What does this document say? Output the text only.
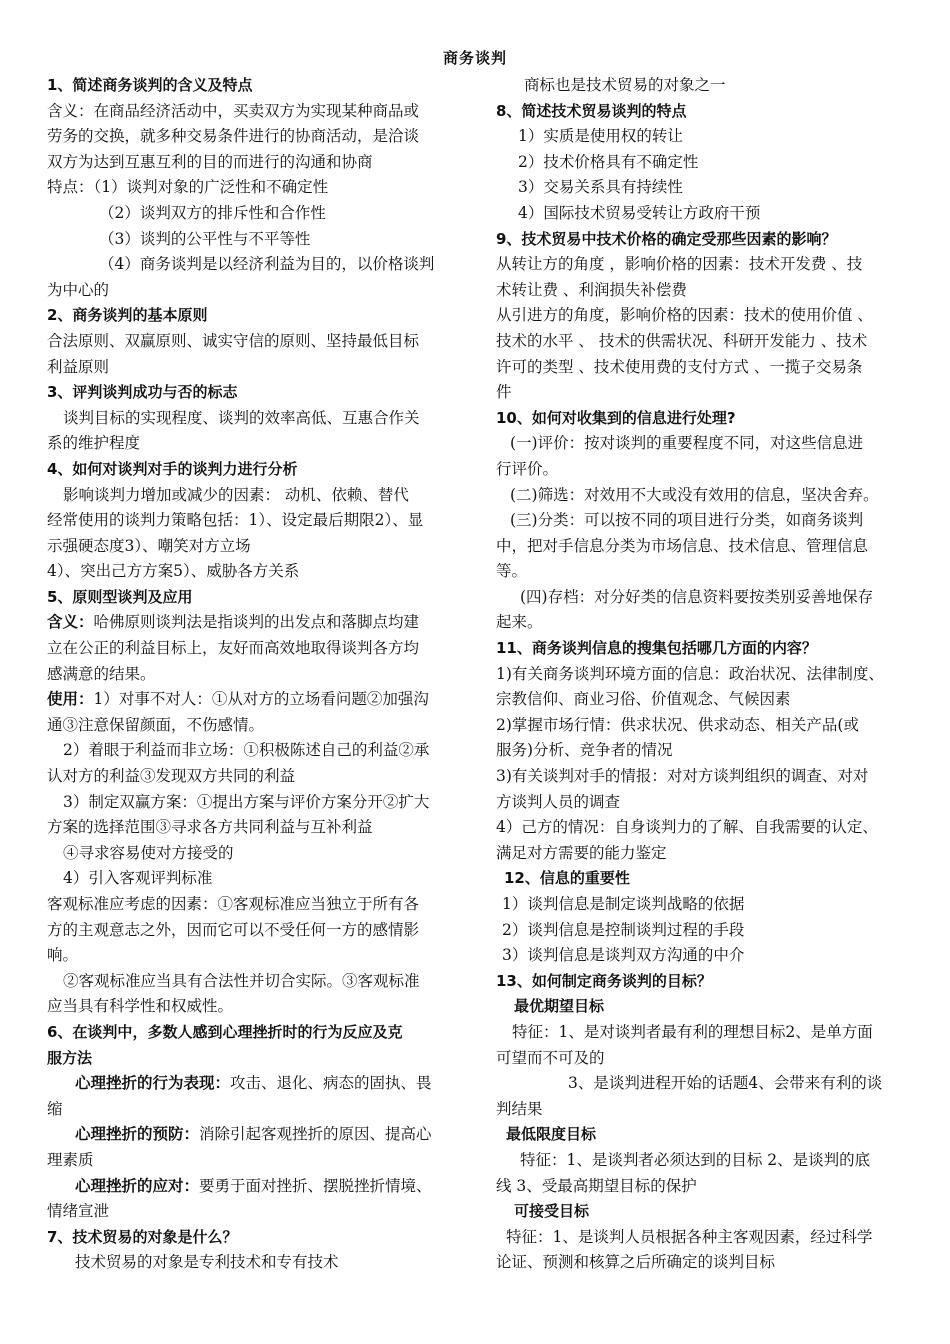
商务谈判
1、简述商务谈判的含义及特点
含义：在商品经济活动中，买卖双方为实现某种商品或
劳务的交换，就多种交易条件进行的协商活动，是洽谈
双方为达到互惠互利的目的而进行的沟通和协商
特点：（1）谈判对象的广泛性和不确定性
（2）谈判双方的排斥性和合作性
（3）谈判的公平性与不平等性
（4）商务谈判是以经济利益为目的，以价格谈判
为中心的
2、商务谈判的基本原则
合法原则、双赢原则、诚实守信的原则、坚持最低目标
利益原则
3、评判谈判成功与否的标志
谈判目标的实现程度、谈判的效率高低、互惠合作关
系的维护程度
4、如何对谈判对手的谈判力进行分析
影响谈判力增加或减少的因素： 动机、依赖、替代
经常使用的谈判力策略包括：1）、设定最后期限2）、显
示强硬态度3）、嘲笑对方立场
4）、突出己方方案5）、威胁各方关系
5、原则型谈判及应用
含义：哈佛原则谈判法是指谈判的出发点和落脚点均建
立在公正的利益目标上，友好而高效地取得谈判各方均
感满意的结果。
使用：1）对事不对人：①从对方的立场看问题②加强沟
通③注意保留颜面，不伤感情。
2）着眼于利益而非立场：①积极陈述自己的利益②承
认对方的利益③发现双方共同的利益
3）制定双赢方案：①提出方案与评价方案分开②扩大
方案的选择范围③寻求各方共同利益与互补利益
④寻求容易使对方接受的
4）引入客观评判标准
客观标准应考虑的因素：①客观标准应当独立于所有各
方的主观意志之外，因而它可以不受任何一方的感情影
响。
②客观标准应当具有合法性并切合实际。③客观标准
应当具有科学性和权威性。
6、在谈判中，多数人感到心理挫折时的行为反应及克
服方法
心理挫折的行为表现：攻击、退化、病态的固执、畏
缩
心理挫折的预防：消除引起客观挫折的原因、提高心
理素质
心理挫折的应对：要勇于面对挫折、摆脱挫折情境、
情绪宣泄
7、技术贸易的对象是什么？
技术贸易的对象是专利技术和专有技术
商标也是技术贸易的对象之一
8、简述技术贸易谈判的特点
1）实质是使用权的转让
2）技术价格具有不确定性
3）交易关系具有持续性
4）国际技术贸易受转让方政府干预
9、技术贸易中技术价格的确定受那些因素的影响？
从转让方的角度 ，影响价格的因素：技术开发费 、技
术转让费 、利润损失补偿费
从引进方的角度，影响价格的因素：技术的使用价值 、
技术的水平 、 技术的供需状况、科研开发能力 、技术
许可的类型 、技术使用费的支付方式 、一揽子交易条
件
10、如何对收集到的信息进行处理?
(一)评价：按对谈判的重要程度不同，对这些信息进
行评价。
(二)筛选：对效用不大或没有效用的信息，坚决舍弃。
(三)分类：可以按不同的项目进行分类，如商务谈判
中，把对手信息分类为市场信息、技术信息、管理信息
等。
(四)存档：对分好类的信息资料要按类别妥善地保存
起来。
11、商务谈判信息的搜集包括哪几方面的内容？
1)有关商务谈判环境方面的信息：政治状况、法律制度、
宗教信仰、商业习俗、价值观念、气候因素
2)掌握市场行情：供求状况、供求动态、相关产品(或
服务)分析、竞争者的情况
3)有关谈判对手的情报：对对方谈判组织的调查、对对
方谈判人员的调查
4）己方的情况：自身谈判力的了解、自我需要的认定、
满足对方需要的能力鉴定
12、信息的重要性
1）谈判信息是制定谈判战略的依据
2）谈判信息是控制谈判过程的手段
3）谈判信息是谈判双方沟通的中介
13、如何制定商务谈判的目标？
最优期望目标
特征：1、是对谈判者最有利的理想目标2、是单方面
可望而不可及的
3、是谈判进程开始的话题4、会带来有利的谈
判结果
最低限度目标
特征：1、是谈判者必须达到的目标 2、是谈判的底
线 3、受最高期望目标的保护
可接受目标
特征：1、是谈判人员根据各种主客观因素，经过科学
论证、预测和核算之后所确定的谈判目标
